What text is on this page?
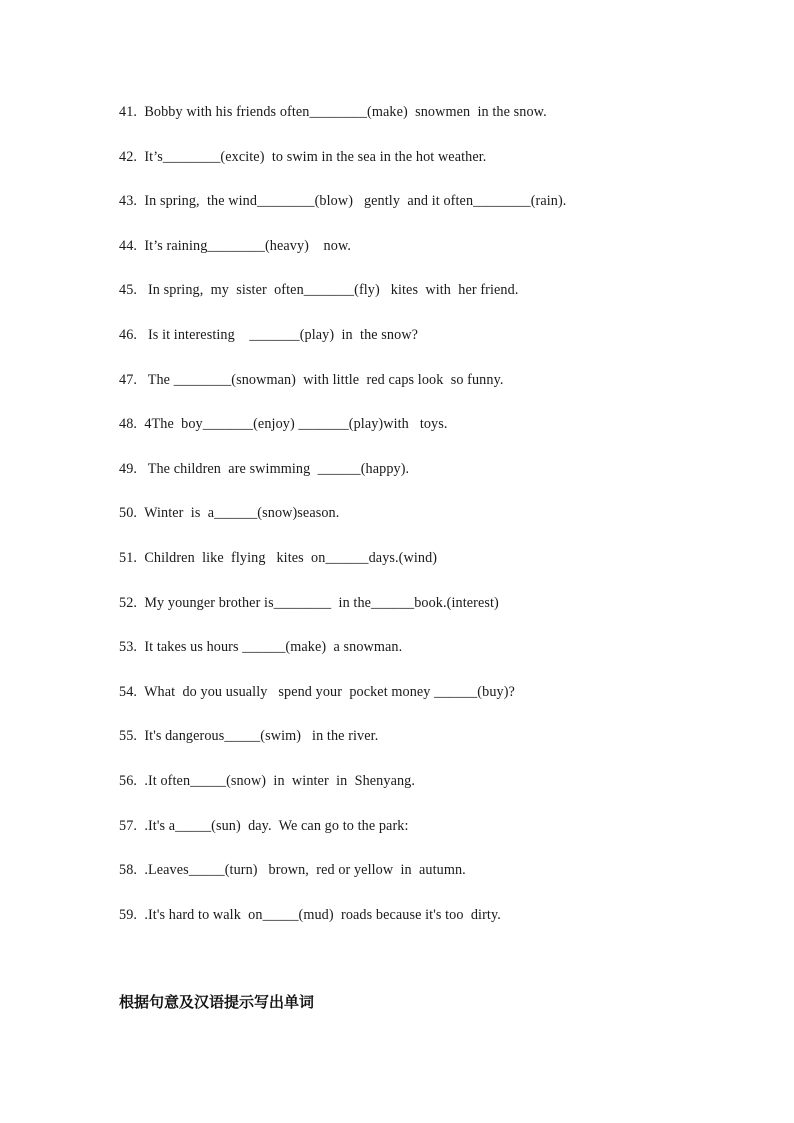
41.  Bobby with his friends often________(make)  snowmen  in the snow.
42.  It’s________(excite)  to swim in the sea in the hot weather.
43.  In spring,  the wind________(blow)   gently  and it often________(rain).
44.  It’s raining________(heavy)    now.
45.   In spring,  my  sister  often_______(fly)   kites  with  her friend.
46.   Is it interesting    _______(play)  in  the snow?
47.   The ________(snowman)  with little  red caps look  so funny.
48.  4The  boy_______(enjoy) _______(play)with   toys.
49.   The children  are swimming  ______(happy).
50.  Winter  is  a______(snow)season.
51.  Children  like  flying   kites  on______days.(wind)
52.  My younger brother is________  in the______book.(interest)
53.  It takes us hours ______(make)  a snowman.
54.  What  do you usually   spend your  pocket money ______(buy)?
55.  It's dangerous_____(swim)   in the river.
56.  .It often_____(snow)  in  winter  in  Shenyang.
57.  .It's a_____(sun)  day.  We can go to the park:
58.  .Leaves_____(turn)   brown,  red or yellow  in  autumn.
59.  .It's hard to walk  on_____(mud)  roads because it's too  dirty.
根据句意及汉语提示写出单词
